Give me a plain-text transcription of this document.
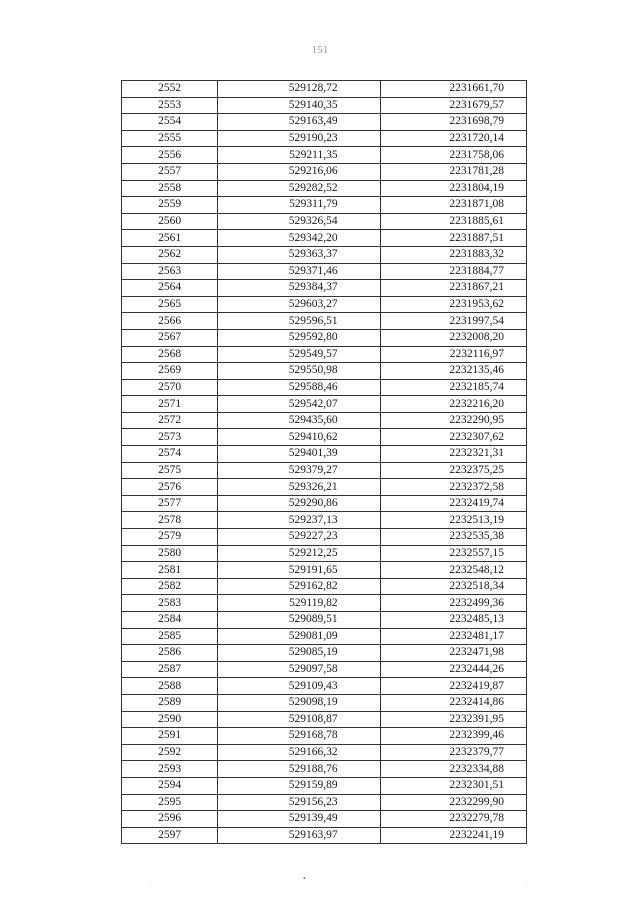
151
2552	529128,72	2231661,70
2553	529140,35	2231679,57
2554	529163,49	2231698,79
2555	529190,23	2231720,14
2556	529211,35	2231758,06
2557	529216,06	2231781,28
2558	529282,52	2231804,19
2559	529311,79	2231871,08
2560	529326,54	2231885,61
2561	529342,20	2231887,51
2562	529363,37	2231883,32
2563	529371,46	2231884,77
2564	529384,37	2231867,21
2565	529603,27	2231953,62
2566	529596,51	2231997,54
2567	529592,80	2232008,20
2568	529549,57	2232116,97
2569	529550,98	2232135,46
2570	529588,46	2232185,74
2571	529542,07	2232216,20
2572	529435,60	2232290,95
2573	529410,62	2232307,62
2574	529401,39	2232321,31
2575	529379,27	2232375,25
2576	529326,21	2232372,58
2577	529290,86	2232419,74
2578	529237,13	2232513,19
2579	529227,23	2232535,38
2580	529212,25	2232557,15
2581	529191,65	2232548,12
2582	529162,82	2232518,34
2583	529119,82	2232499,36
2584	529089,51	2232485,13
2585	529081,09	2232481,17
2586	529085,19	2232471,98
2587	529097,58	2232444,26
2588	529109,43	2232419,87
2589	529098,19	2232414,86
2590	529108,87	2232391,95
2591	529168,78	2232399,46
2592	529166,32	2232379,77
2593	529188,76	2232334,88
2594	529159,89	2232301,51
2595	529156,23	2232299,90
2596	529139,49	2232279,78
2597	529163,97	2232241,19
•
·	·
